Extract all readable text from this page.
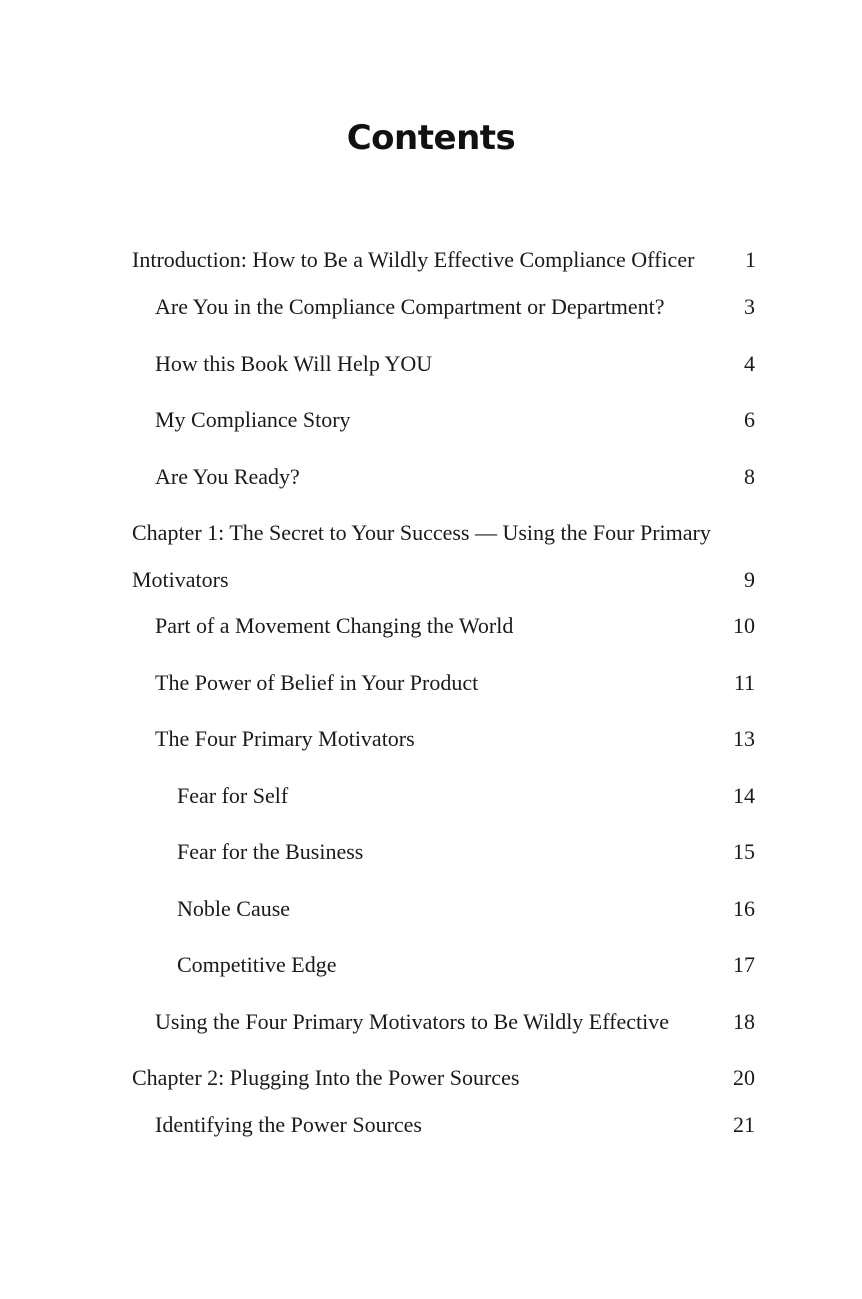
Contents
Introduction: How to Be a Wildly Effective Compliance Officer 1
Are You in the Compliance Compartment or Department?	3
How this Book Will Help YOU	4
My Compliance Story	6
Are You Ready?	8
Chapter 1: The Secret to Your Success — Using the Four Primary
Motivators	9
Part of a Movement Changing the World	10
The Power of Belief in Your Product	11
The Four Primary Motivators	13
Fear for Self	14
Fear for the Business	15
Noble Cause	16
Competitive Edge	17
Using the Four Primary Motivators to Be Wildly Effective	18
Chapter 2: Plugging Into the Power Sources	20
Identifying the Power Sources	21
